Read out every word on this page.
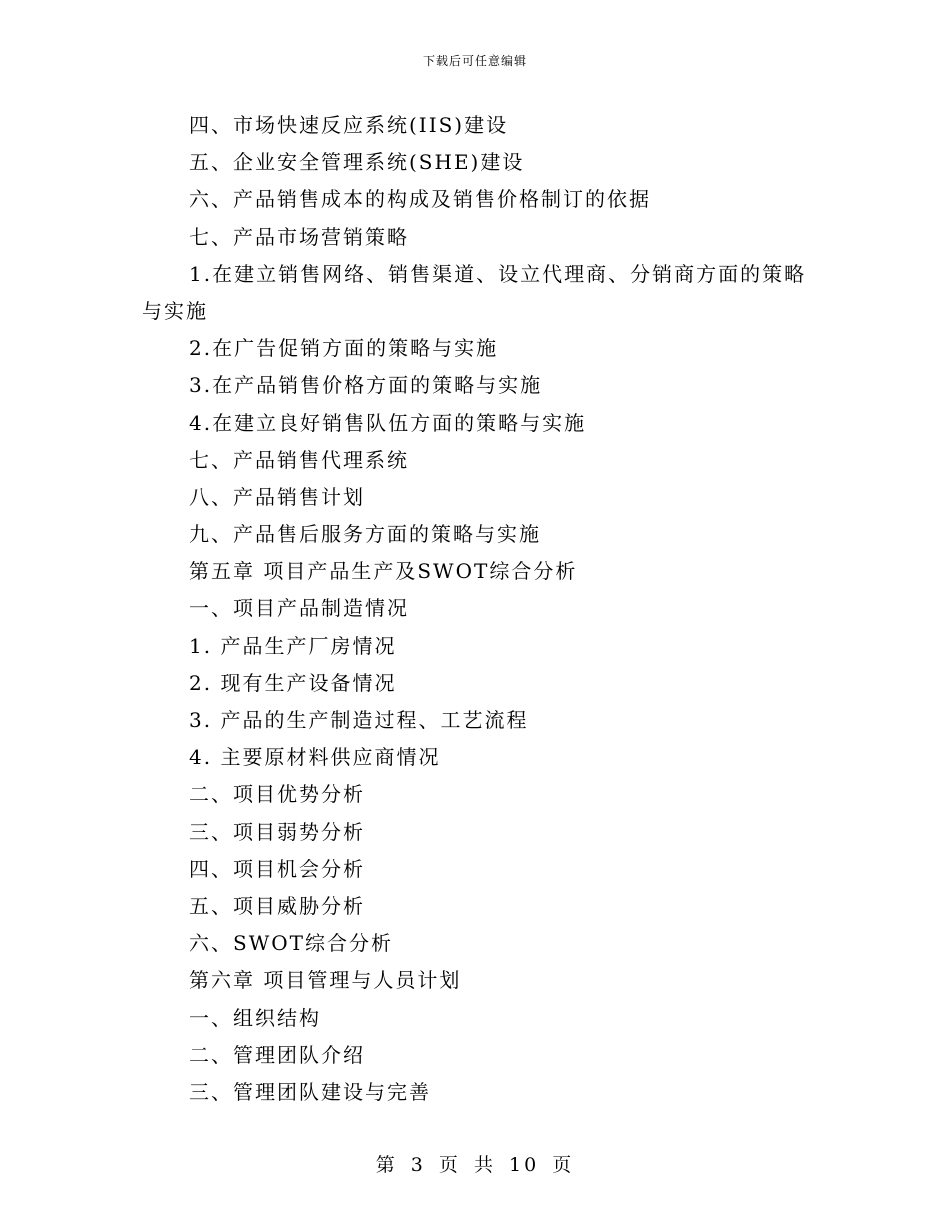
下载后可任意编辑
四、市场快速反应系统(IIS)建设
五、企业安全管理系统(SHE)建设
六、产品销售成本的构成及销售价格制订的依据
七、产品市场营销策略
1.在建立销售网络、销售渠道、设立代理商、分销商方面的策略
与实施
2.在广告促销方面的策略与实施
3.在产品销售价格方面的策略与实施
4.在建立良好销售队伍方面的策略与实施
七、产品销售代理系统
八、产品销售计划
九、产品售后服务方面的策略与实施
第五章 项目产品生产及SWOT综合分析
一、项目产品制造情况
1. 产品生产厂房情况
2. 现有生产设备情况
3. 产品的生产制造过程、工艺流程
4. 主要原材料供应商情况
二、项目优势分析
三、项目弱势分析
四、项目机会分析
五、项目威胁分析
六、SWOT综合分析
第六章 项目管理与人员计划
一、组织结构
二、管理团队介绍
三、管理团队建设与完善
第 3 页 共 10 页
